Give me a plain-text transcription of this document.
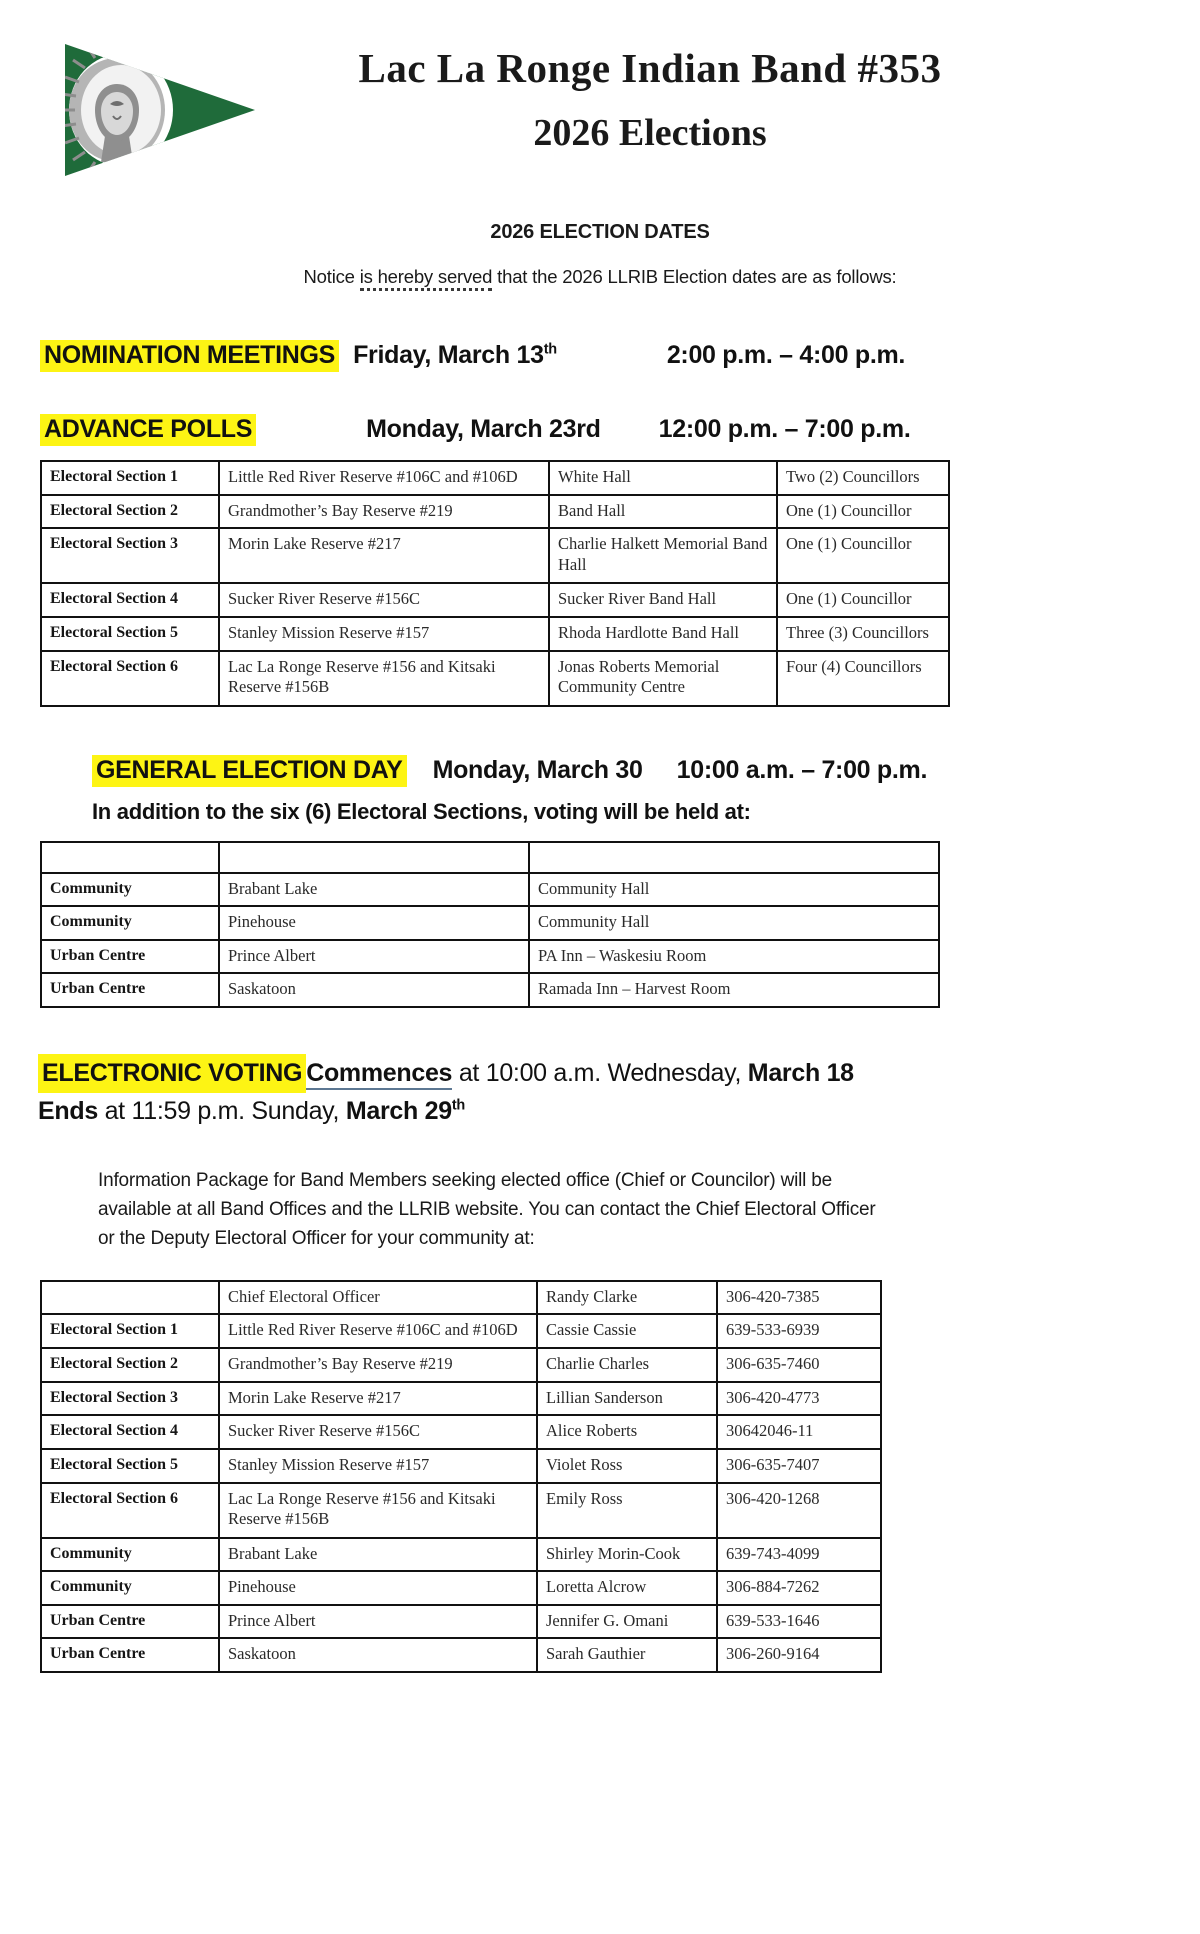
Lac La Ronge Indian Band #353
2026 Elections
2026 ELECTION DATES
Notice is hereby served that the 2026 LLRIB Election dates are as follows:
NOMINATION MEETINGS Friday, March 13th	2:00 p.m. – 4:00 p.m.
ADVANCE POLLS	Monday, March 23rd 12:00 p.m. – 7:00 p.m.
Electoral Section 1	Little Red River Reserve #106C and #106D	White Hall	Two (2) Councillors
Electoral Section 2	Grandmother’s Bay Reserve #219	Band Hall	One (1) Councillor
Electoral Section 3	Morin Lake Reserve #217	Charlie Halkett Memorial Band Hall	One (1) Councillor
Electoral Section 4	Sucker River Reserve #156C	Sucker River Band Hall	One (1) Councillor
Electoral Section 5	Stanley Mission Reserve #157	Rhoda Hardlotte Band Hall	Three (3) Councillors
Electoral Section 6	Lac La Ronge Reserve #156 and Kitsaki Reserve #156B	Jonas Roberts Memorial Community Centre	Four (4) Councillors
GENERAL ELECTION DAY Monday, March 30 10:00 a.m. – 7:00 p.m.
In addition to the six (6) Electoral Sections, voting will be held at:

Community	Brabant Lake	Community Hall
Community	Pinehouse	Community Hall
Urban Centre	Prince Albert	PA Inn – Waskesiu Room
Urban Centre	Saskatoon	Ramada Inn – Harvest Room
ELECTRONIC VOTING Commences at 10:00 a.m. Wednesday, March 18
Ends at 11:59 p.m. Sunday, March 29th
Information Package for Band Members seeking elected office (Chief or Councilor) will be available at all Band Offices and the LLRIB website. You can contact the Chief Electoral Officer or the Deputy Electoral Officer for your community at:
	Chief Electoral Officer	Randy Clarke	306-420-7385
Electoral Section 1	Little Red River Reserve #106C and #106D	Cassie Cassie	639-533-6939
Electoral Section 2	Grandmother’s Bay Reserve #219	Charlie Charles	306-635-7460
Electoral Section 3	Morin Lake Reserve #217	Lillian Sanderson	306-420-4773
Electoral Section 4	Sucker River Reserve #156C	Alice Roberts	30642046-11
Electoral Section 5	Stanley Mission Reserve #157	Violet Ross	306-635-7407
Electoral Section 6	Lac La Ronge Reserve #156 and Kitsaki Reserve #156B	Emily Ross	306-420-1268
Community	Brabant Lake	Shirley Morin-Cook	639-743-4099
Community	Pinehouse	Loretta Alcrow	306-884-7262
Urban Centre	Prince Albert	Jennifer G. Omani	639-533-1646
Urban Centre	Saskatoon	Sarah Gauthier	306-260-9164
